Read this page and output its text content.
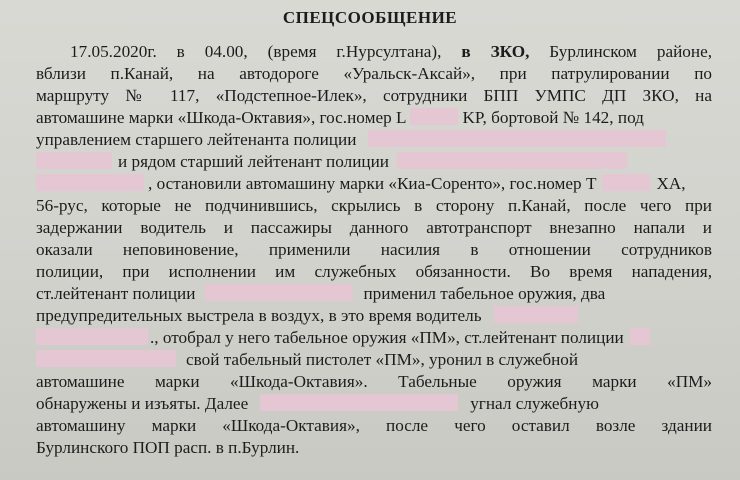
СПЕЦСООБЩЕНИЕ
17.05.2020г. в 04.00, (время г.Нурсултана), в ЗКО, Бурлинском районе,
вблизи п.Канай, на автодороге «Уральск-Аксай», при патрулировании по
маршруту № 117, «Подстепное-Илек», сотрудники БПП УМПС ДП ЗКО, на
автомашине марки «Шкода-Октавия», гос.номер L	KP, бортовой № 142, под
управлением старшего лейтенанта полиции
и рядом старший лейтенант полиции
, остановили автомашину марки «Киа-Соренто», гос.номер Т	ХА,
56-рус, которые не подчинившись, скрылись в сторону п.Канай, после чего при
задержании водитель и пассажиры данного автотранспорт внезапно напали и
оказали неповиновение, применили насилия в отношении сотрудников
полиции, при исполнении им служебных обязанности. Во время нападения,
ст.лейтенант полиции	применил табельное оружия, два
предупредительных выстрела в воздух, в это время водитель
., отобрал у него табельное оружия «ПМ», ст.лейтенант полиции
свой табельный пистолет «ПМ», уронил в служебной
автомашине марки «Шкода-Октавия». Табельные оружия марки «ПМ»
обнаружены и изъяты. Далее	угнал служебную
автомашину марки «Шкода-Октавия», после чего оставил возле здании
Бурлинского ПОП расп. в п.Бурлин.
